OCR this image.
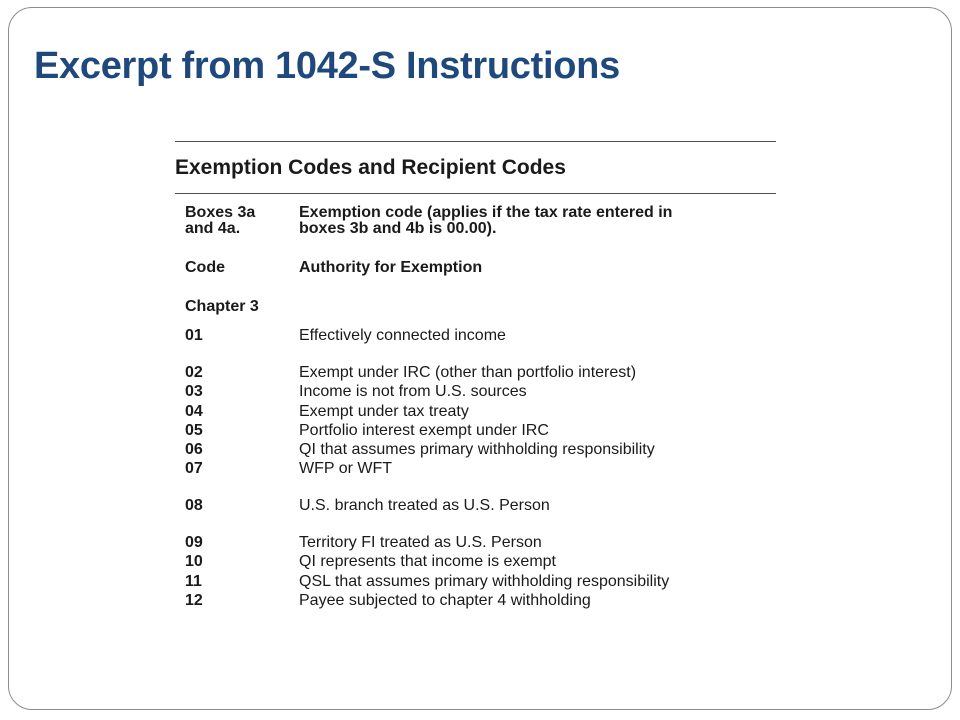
Excerpt from 1042-S Instructions
Exemption Codes and Recipient Codes
Boxes 3a	Exemption code (applies if the tax rate entered in
and 4a.	boxes 3b and 4b is 00.00).
Code	Authority for Exemption
Chapter 3
01	Effectively connected income
02	Exempt under IRC (other than portfolio interest)
03	Income is not from U.S. sources
04	Exempt under tax treaty
05	Portfolio interest exempt under IRC
06	QI that assumes primary withholding responsibility
07	WFP or WFT
08	U.S. branch treated as U.S. Person
09	Territory FI treated as U.S. Person
10	QI represents that income is exempt
11	QSL that assumes primary withholding responsibility
12	Payee subjected to chapter 4 withholding
